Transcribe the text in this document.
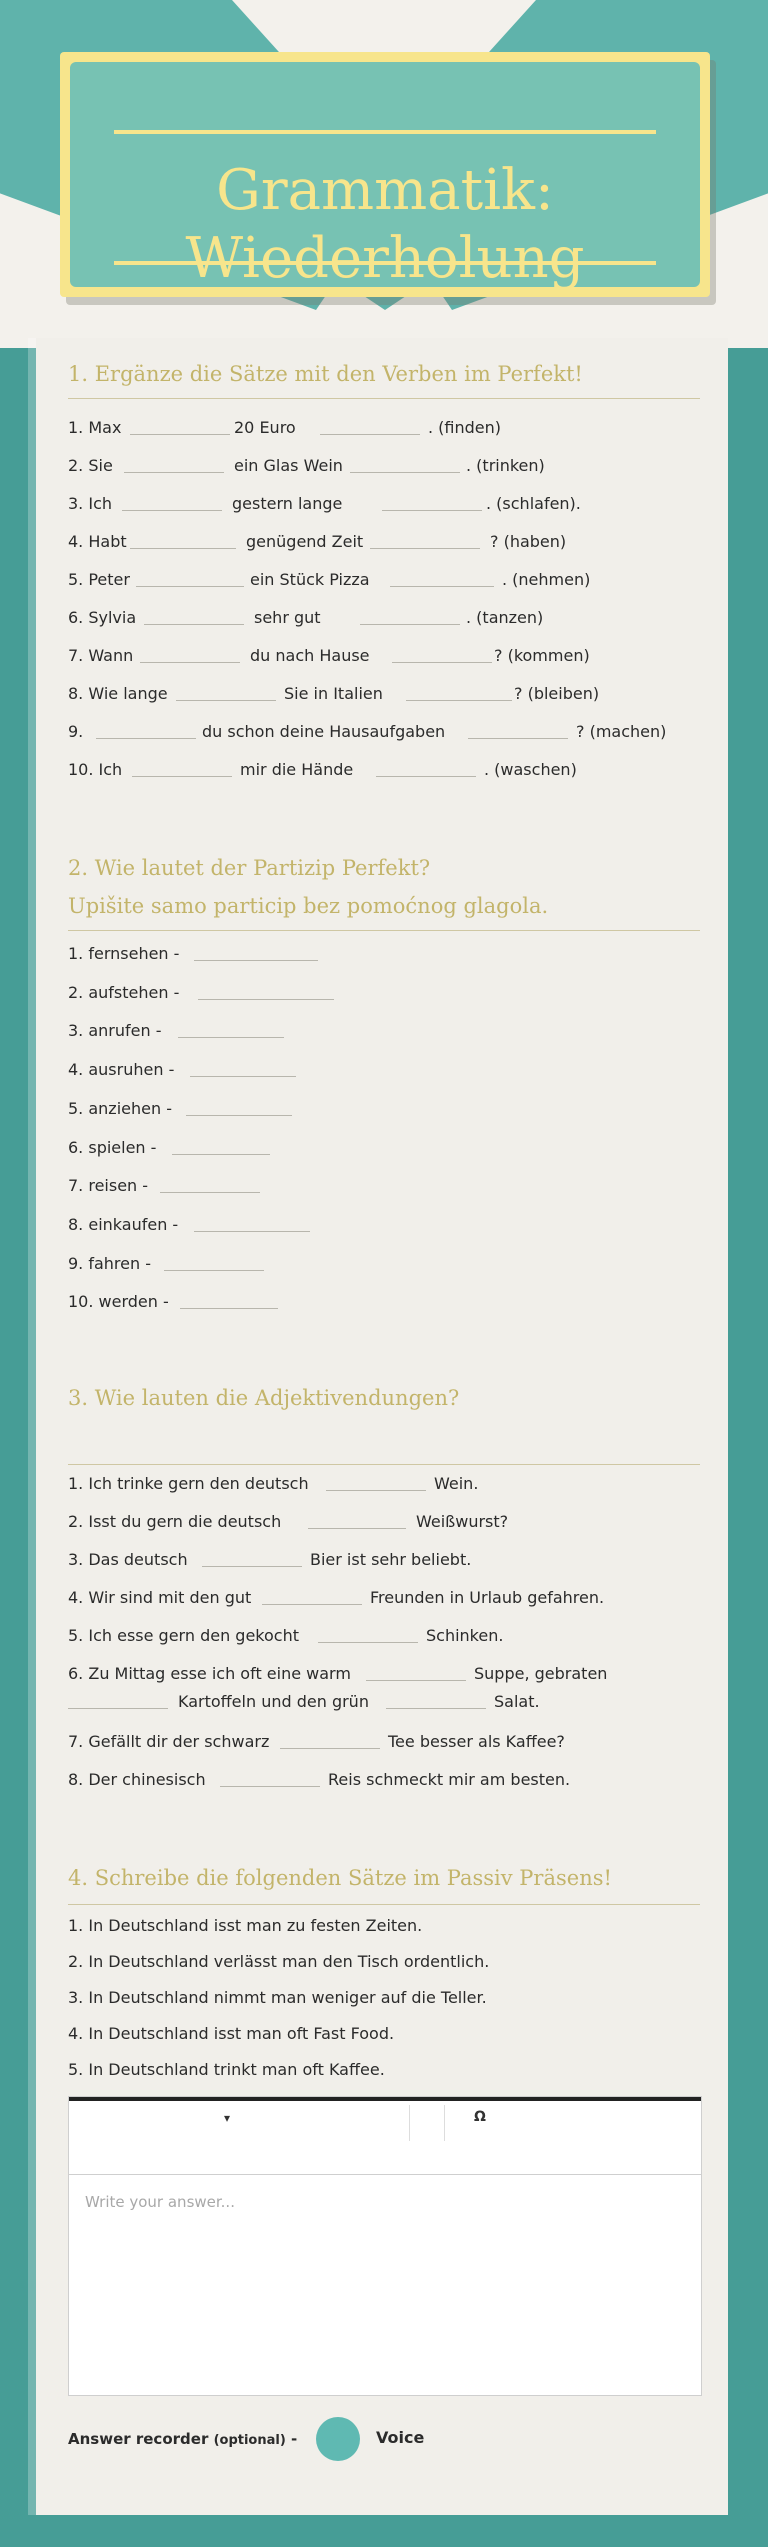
Grammatik:
Wiederholung
1. Ergänze die Sätze mit den Verben im Perfekt!
1. Max	20 Euro	. (finden)
2. Sie	ein Glas Wein	. (trinken)
3. Ich	gestern lange	. (schlafen).
4. Habt	genügend Zeit	? (haben)
5. Peter	ein Stück Pizza	. (nehmen)
6. Sylvia	sehr gut	. (tanzen)
7. Wann	du nach Hause	? (kommen)
8. Wie lange	Sie in Italien	? (bleiben)
9.	du schon deine Hausaufgaben	? (machen)
10. Ich	mir die Hände	. (waschen)
2. Wie lautet der Partizip Perfekt?
Upišite samo particip bez pomoćnog glagola.
1. fernsehen -
2. aufstehen -
3. anrufen -
4. ausruhen -
5. anziehen -
6. spielen -
7. reisen -
8. einkaufen -
9. fahren -
10. werden -
3. Wie lauten die Adjektivendungen?
1. Ich trinke gern den deutsch	Wein.
2. Isst du gern die deutsch	Weißwurst?
3. Das deutsch	Bier ist sehr beliebt.
4. Wir sind mit den gut	Freunden in Urlaub gefahren.
5. Ich esse gern den gekocht	Schinken.
6. Zu Mittag esse ich oft eine warm	Suppe, gebraten
Kartoffeln und den grün	Salat.
7. Gefällt dir der schwarz	Tee besser als Kaffee?
8. Der chinesisch	Reis schmeckt mir am besten.
4. Schreibe die folgenden Sätze im Passiv Präsens!
1. In Deutschland isst man zu festen Zeiten.
2. In Deutschland verlässt man den Tisch ordentlich.
3. In Deutschland nimmt man weniger auf die Teller.
4. In Deutschland isst man oft Fast Food.
5. In Deutschland trinkt man oft Kaffee.
▾	Ω
Write your answer...
Answer recorder (optional) -	Voice
